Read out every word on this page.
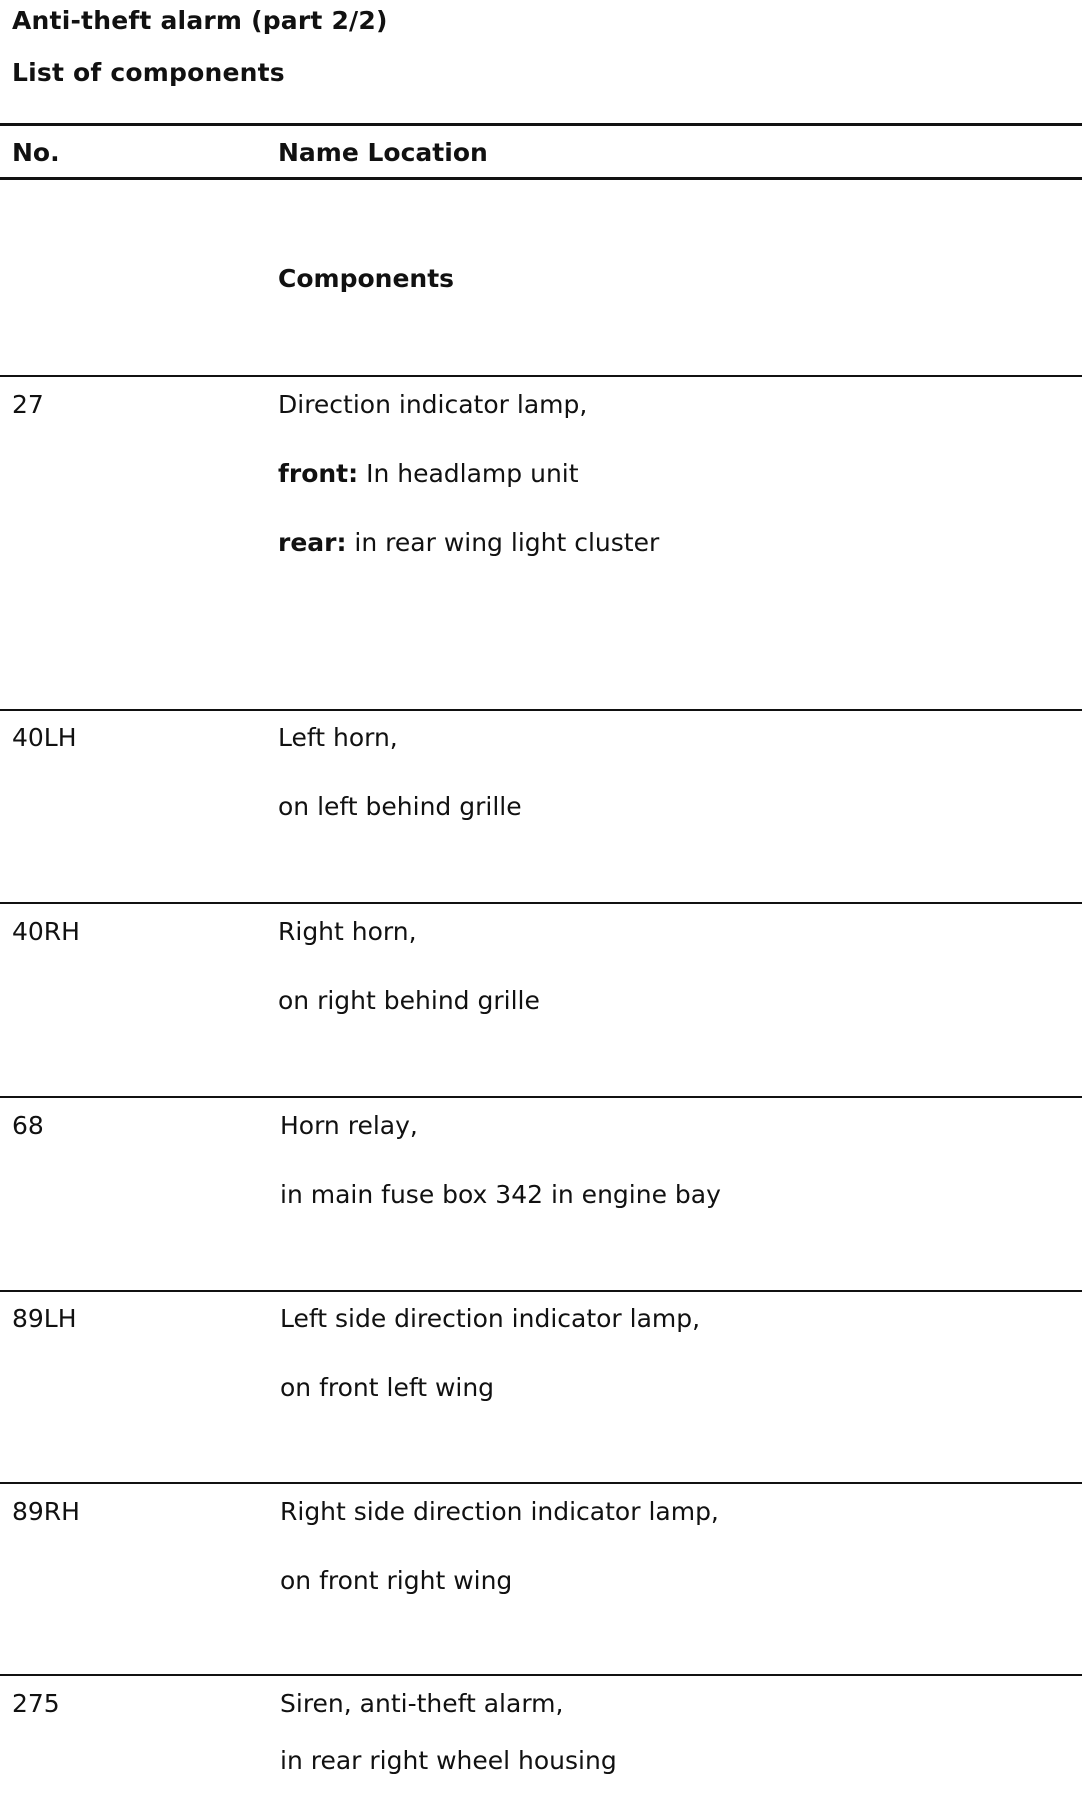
Anti-theft alarm (part 2/2)
List of components
No.	Name Location
Components
27	Direction indicator lamp,
front: In headlamp unit
rear: in rear wing light cluster
40LH	Left horn,
on left behind grille
40RH	Right horn,
on right behind grille
68	Horn relay,
in main fuse box 342 in engine bay
89LH	Left side direction indicator lamp,
on front left wing
89RH	Right side direction indicator lamp,
on front right wing
275	Siren, anti-theft alarm,
in rear right wheel housing
